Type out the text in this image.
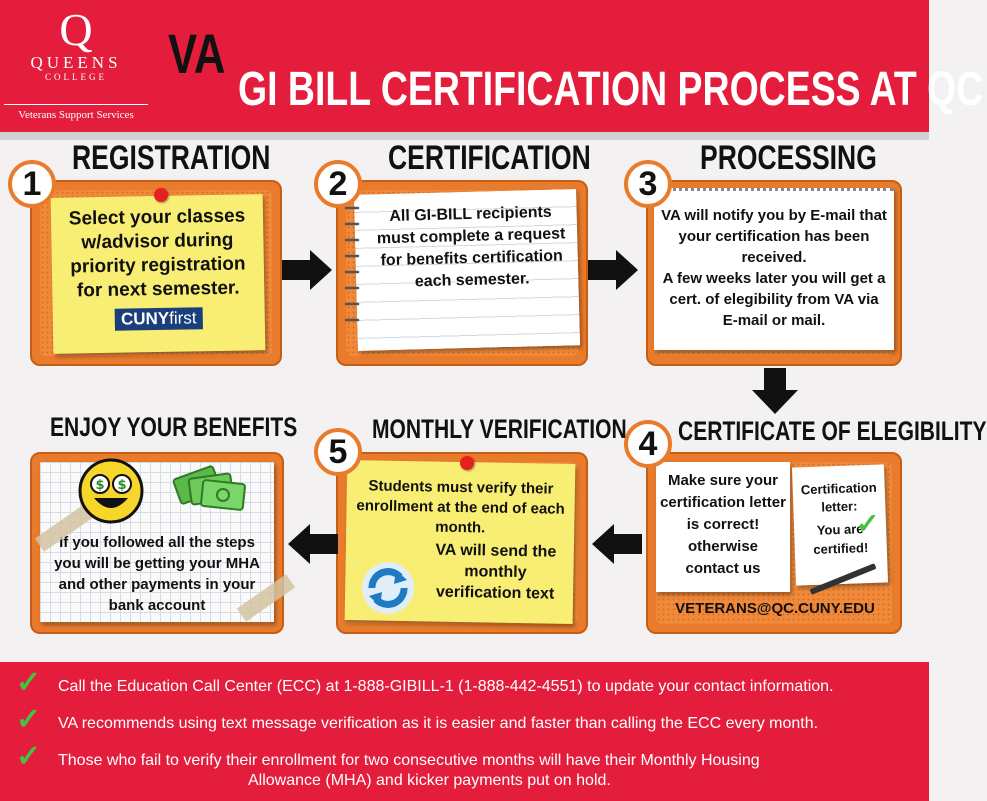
Q
QUEENS
COLLEGE
Veterans Support Services
VA
GI BILL CERTIFICATION PROCESS AT QC
REGISTRATION
Select your classes w/advisor during priority registration for next semester.
CUNYfirst
1
CERTIFICATION
All GI-BILL recipients must complete a request for benefits certification each semester.
2
PROCESSING
VA will notify you by E-mail that your certification has been received.
A few weeks later you will get a cert. of elegibility from VA via E-mail or mail.
3
CERTIFICATE OF ELEGIBILITY
Make sure your certification letter is correct! otherwise contact us
Certification
letter:
You are
certified!
✓
VETERANS@QC.CUNY.EDU
4
MONTHLY VERIFICATION
Students must verify their enrollment at the end of each month.
VA will send the monthly verification text
5
ENJOY YOUR BENEFITS
If you followed all the steps you will be getting your MHA and other payments in your bank account
$ $
✓ Call the Education Call Center (ECC) at 1-888-GIBILL-1 (1-888-442-4551) to update your contact information.
✓ VA recommends using text message verification as it is easier and faster than calling the ECC every month.
✓ Those who fail to verify their enrollment for two consecutive months will have their Monthly Housing
Allowance (MHA) and kicker payments put on hold.
